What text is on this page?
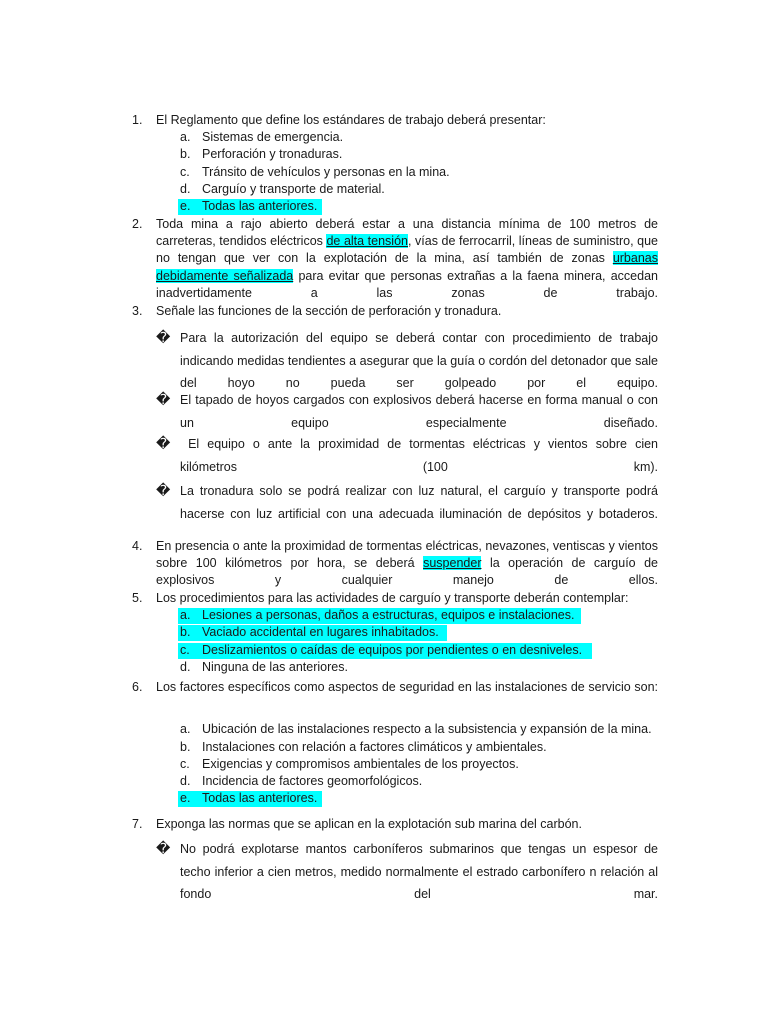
1. El Reglamento que define los estándares de trabajo deberá presentar:
a. Sistemas de emergencia.
b. Perforación y tronaduras.
c. Tránsito de vehículos y personas en la mina.
d. Carguío y transporte de material.
e. Todas las anteriores.
2. Toda mina a rajo abierto deberá estar a una distancia mínima de 100 metros de carreteras, tendidos eléctricos de alta tensión, vías de ferrocarril, líneas de suministro, que no tengan que ver con la explotación de la mina, así también de zonas urbanas debidamente señalizada para evitar que personas extrañas a la faena minera, accedan inadvertidamente a las zonas de trabajo.
3. Señale las funciones de la sección de perforación y tronadura.
� Para la autorización del equipo se deberá contar con procedimiento de trabajo indicando medidas tendientes a asegurar que la guía o cordón del detonador que sale del hoyo no pueda ser golpeado por el equipo.
� El tapado de hoyos cargados con explosivos deberá hacerse en forma manual o con un equipo especialmente diseñado.
� El equipo o ante la proximidad de tormentas eléctricas y vientos sobre cien kilómetros (100 km).
� La tronadura solo se podrá realizar con luz natural, el carguío y transporte podrá hacerse con luz artificial con una adecuada iluminación de depósitos y botaderos.
4. En presencia o ante la proximidad de tormentas eléctricas, nevazones, ventiscas y vientos sobre 100 kilómetros por hora, se deberá suspender la operación de carguío de explosivos y cualquier manejo de ellos.
5. Los procedimientos para las actividades de carguío y transporte deberán contemplar:
a. Lesiones a personas, daños a estructuras, equipos e instalaciones.
b. Vaciado accidental en lugares inhabitados.
c. Deslizamientos o caídas de equipos por pendientes o en desniveles.
d. Ninguna de las anteriores.
6. Los factores específicos como aspectos de seguridad en las instalaciones de servicio son:
a. Ubicación de las instalaciones respecto a la subsistencia y expansión de la mina.
b. Instalaciones con relación a factores climáticos y ambientales.
c. Exigencias y compromisos ambientales de los proyectos.
d. Incidencia de factores geomorfológicos.
e. Todas las anteriores.
7. Exponga las normas que se aplican en la explotación sub marina del carbón.
� No podrá explotarse mantos carboníferos submarinos que tengas un espesor de techo inferior a cien metros, medido normalmente el estrado carbonífero n relación al fondo del mar.
